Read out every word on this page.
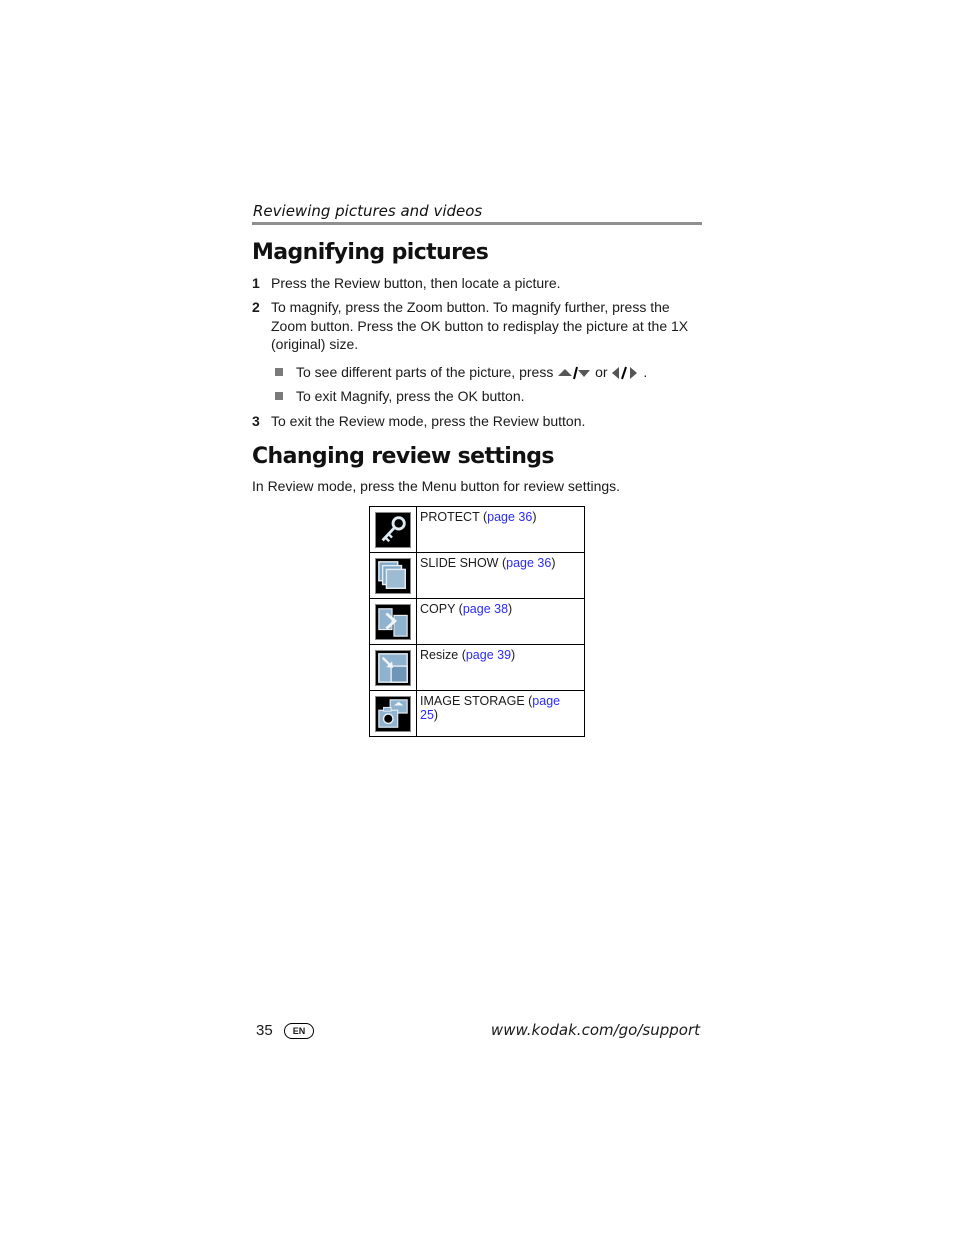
Reviewing pictures and videos
Magnifying pictures
1 Press the Review button, then locate a picture.
2 To magnify, press the Zoom button. To magnify further, press the Zoom button. Press the OK button to redisplay the picture at the 1X (original) size.
To see different parts of the picture, press	or	.
To exit Magnify, press the OK button.
3 To exit the Review mode, press the Review button.
Changing review settings
In Review mode, press the Menu button for review settings.
	PROTECT (page 36)
	SLIDE SHOW (page 36)
	COPY (page 38)
	Resize (page 39)
	IMAGE STORAGE (page 25)
35	EN	www.kodak.com/go/support
